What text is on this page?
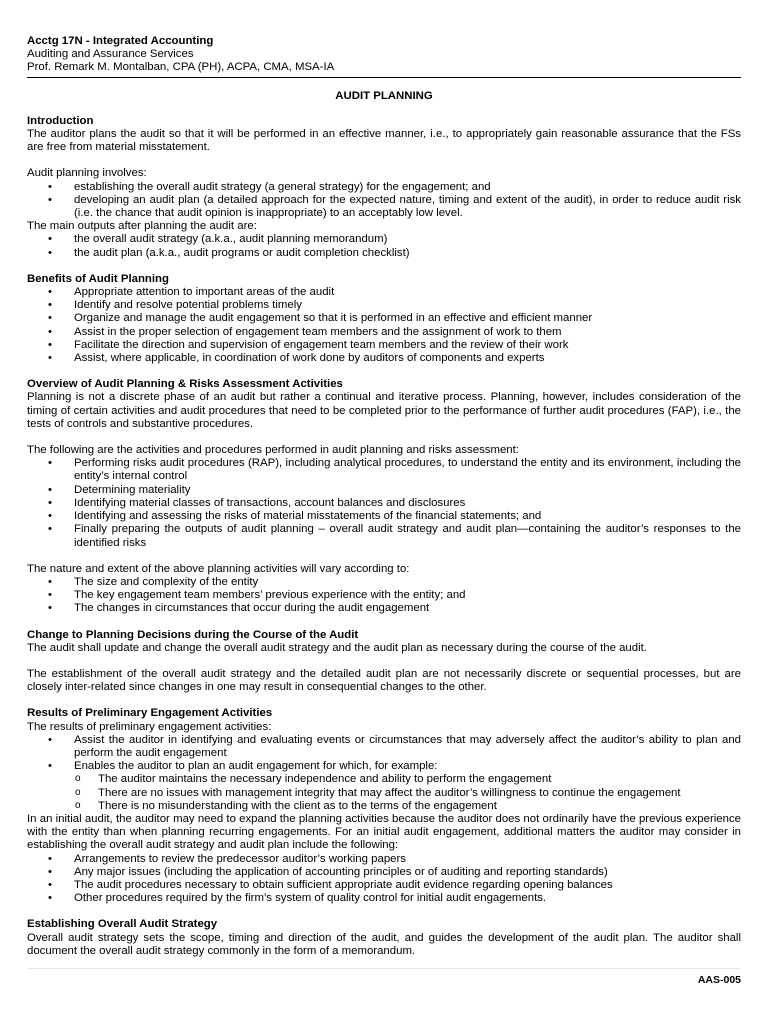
Acctg 17N - Integrated Accounting
Auditing and Assurance Services
Prof. Remark M. Montalban, CPA (PH), ACPA, CMA, MSA-IA
AUDIT PLANNING
Introduction

The auditor plans the audit so that it will be performed in an effective manner, i.e., to appropriately gain reasonable assurance that the FSs are free from material misstatement.

Audit planning involves:

• establishing the overall audit strategy (a general strategy) for the engagement; and
• developing an audit plan (a detailed approach for the expected nature, timing and extent of the audit), in order to reduce audit risk (i.e. the chance that audit opinion is inappropriate) to an acceptably low level.

The main outputs after planning the audit are:

• the overall audit strategy (a.k.a., audit planning memorandum)
• the audit plan (a.k.a., audit programs or audit completion checklist)
Benefits of Audit Planning
• Appropriate attention to important areas of the audit
• Identify and resolve potential problems timely
• Organize and manage the audit engagement so that it is performed in an effective and efficient manner
• Assist in the proper selection of engagement team members and the assignment of work to them
• Facilitate the direction and supervision of engagement team members and the review of their work
• Assist, where applicable, in coordination of work done by auditors of components and experts
Overview of Audit Planning & Risks Assessment Activities

Planning is not a discrete phase of an audit but rather a continual and iterative process. Planning, however, includes consideration of the timing of certain activities and audit procedures that need to be completed prior to the performance of further audit procedures (FAP), i.e., the tests of controls and substantive procedures.

The following are the activities and procedures performed in audit planning and risks assessment:

• Performing risks audit procedures (RAP), including analytical procedures, to understand the entity and its environment, including the entity’s internal control
• Determining materiality
• Identifying material classes of transactions, account balances and disclosures
• Identifying and assessing the risks of material misstatements of the financial statements; and
• Finally preparing the outputs of audit planning – overall audit strategy and audit plan—containing the auditor’s responses to the identified risks

The nature and extent of the above planning activities will vary according to:

• The size and complexity of the entity
• The key engagement team members’ previous experience with the entity; and
• The changes in circumstances that occur during the audit engagement
Change to Planning Decisions during the Course of the Audit

The audit shall update and change the overall audit strategy and the audit plan as necessary during the course of the audit.

The establishment of the overall audit strategy and the detailed audit plan are not necessarily discrete or sequential processes, but are closely inter-related since changes in one may result in consequential changes to the other.

Results of Preliminary Engagement Activities

The results of preliminary engagement activities:

• Assist the auditor in identifying and evaluating events or circumstances that may adversely affect the auditor’s ability to plan and perform the audit engagement
• Enables the auditor to plan an audit engagement for which, for example:
o The auditor maintains the necessary independence and ability to perform the engagement
o There are no issues with management integrity that may affect the auditor’s willingness to continue the engagement
o There is no misunderstanding with the client as to the terms of the engagement

In an initial audit, the auditor may need to expand the planning activities because the auditor does not ordinarily have the previous experience with the entity than when planning recurring engagements. For an initial audit engagement, additional matters the auditor may consider in establishing the overall audit strategy and audit plan include the following:

• Arrangements to review the predecessor auditor’s working papers
• Any major issues (including the application of accounting principles or of auditing and reporting standards)
• The audit procedures necessary to obtain sufficient appropriate audit evidence regarding opening balances
• Other procedures required by the firm’s system of quality control for initial audit engagements.
Establishing Overall Audit Strategy

Overall audit strategy sets the scope, timing and direction of the audit, and guides the development of the audit plan. The auditor shall document the overall audit strategy commonly in the form of a memorandum.

AAS-005
